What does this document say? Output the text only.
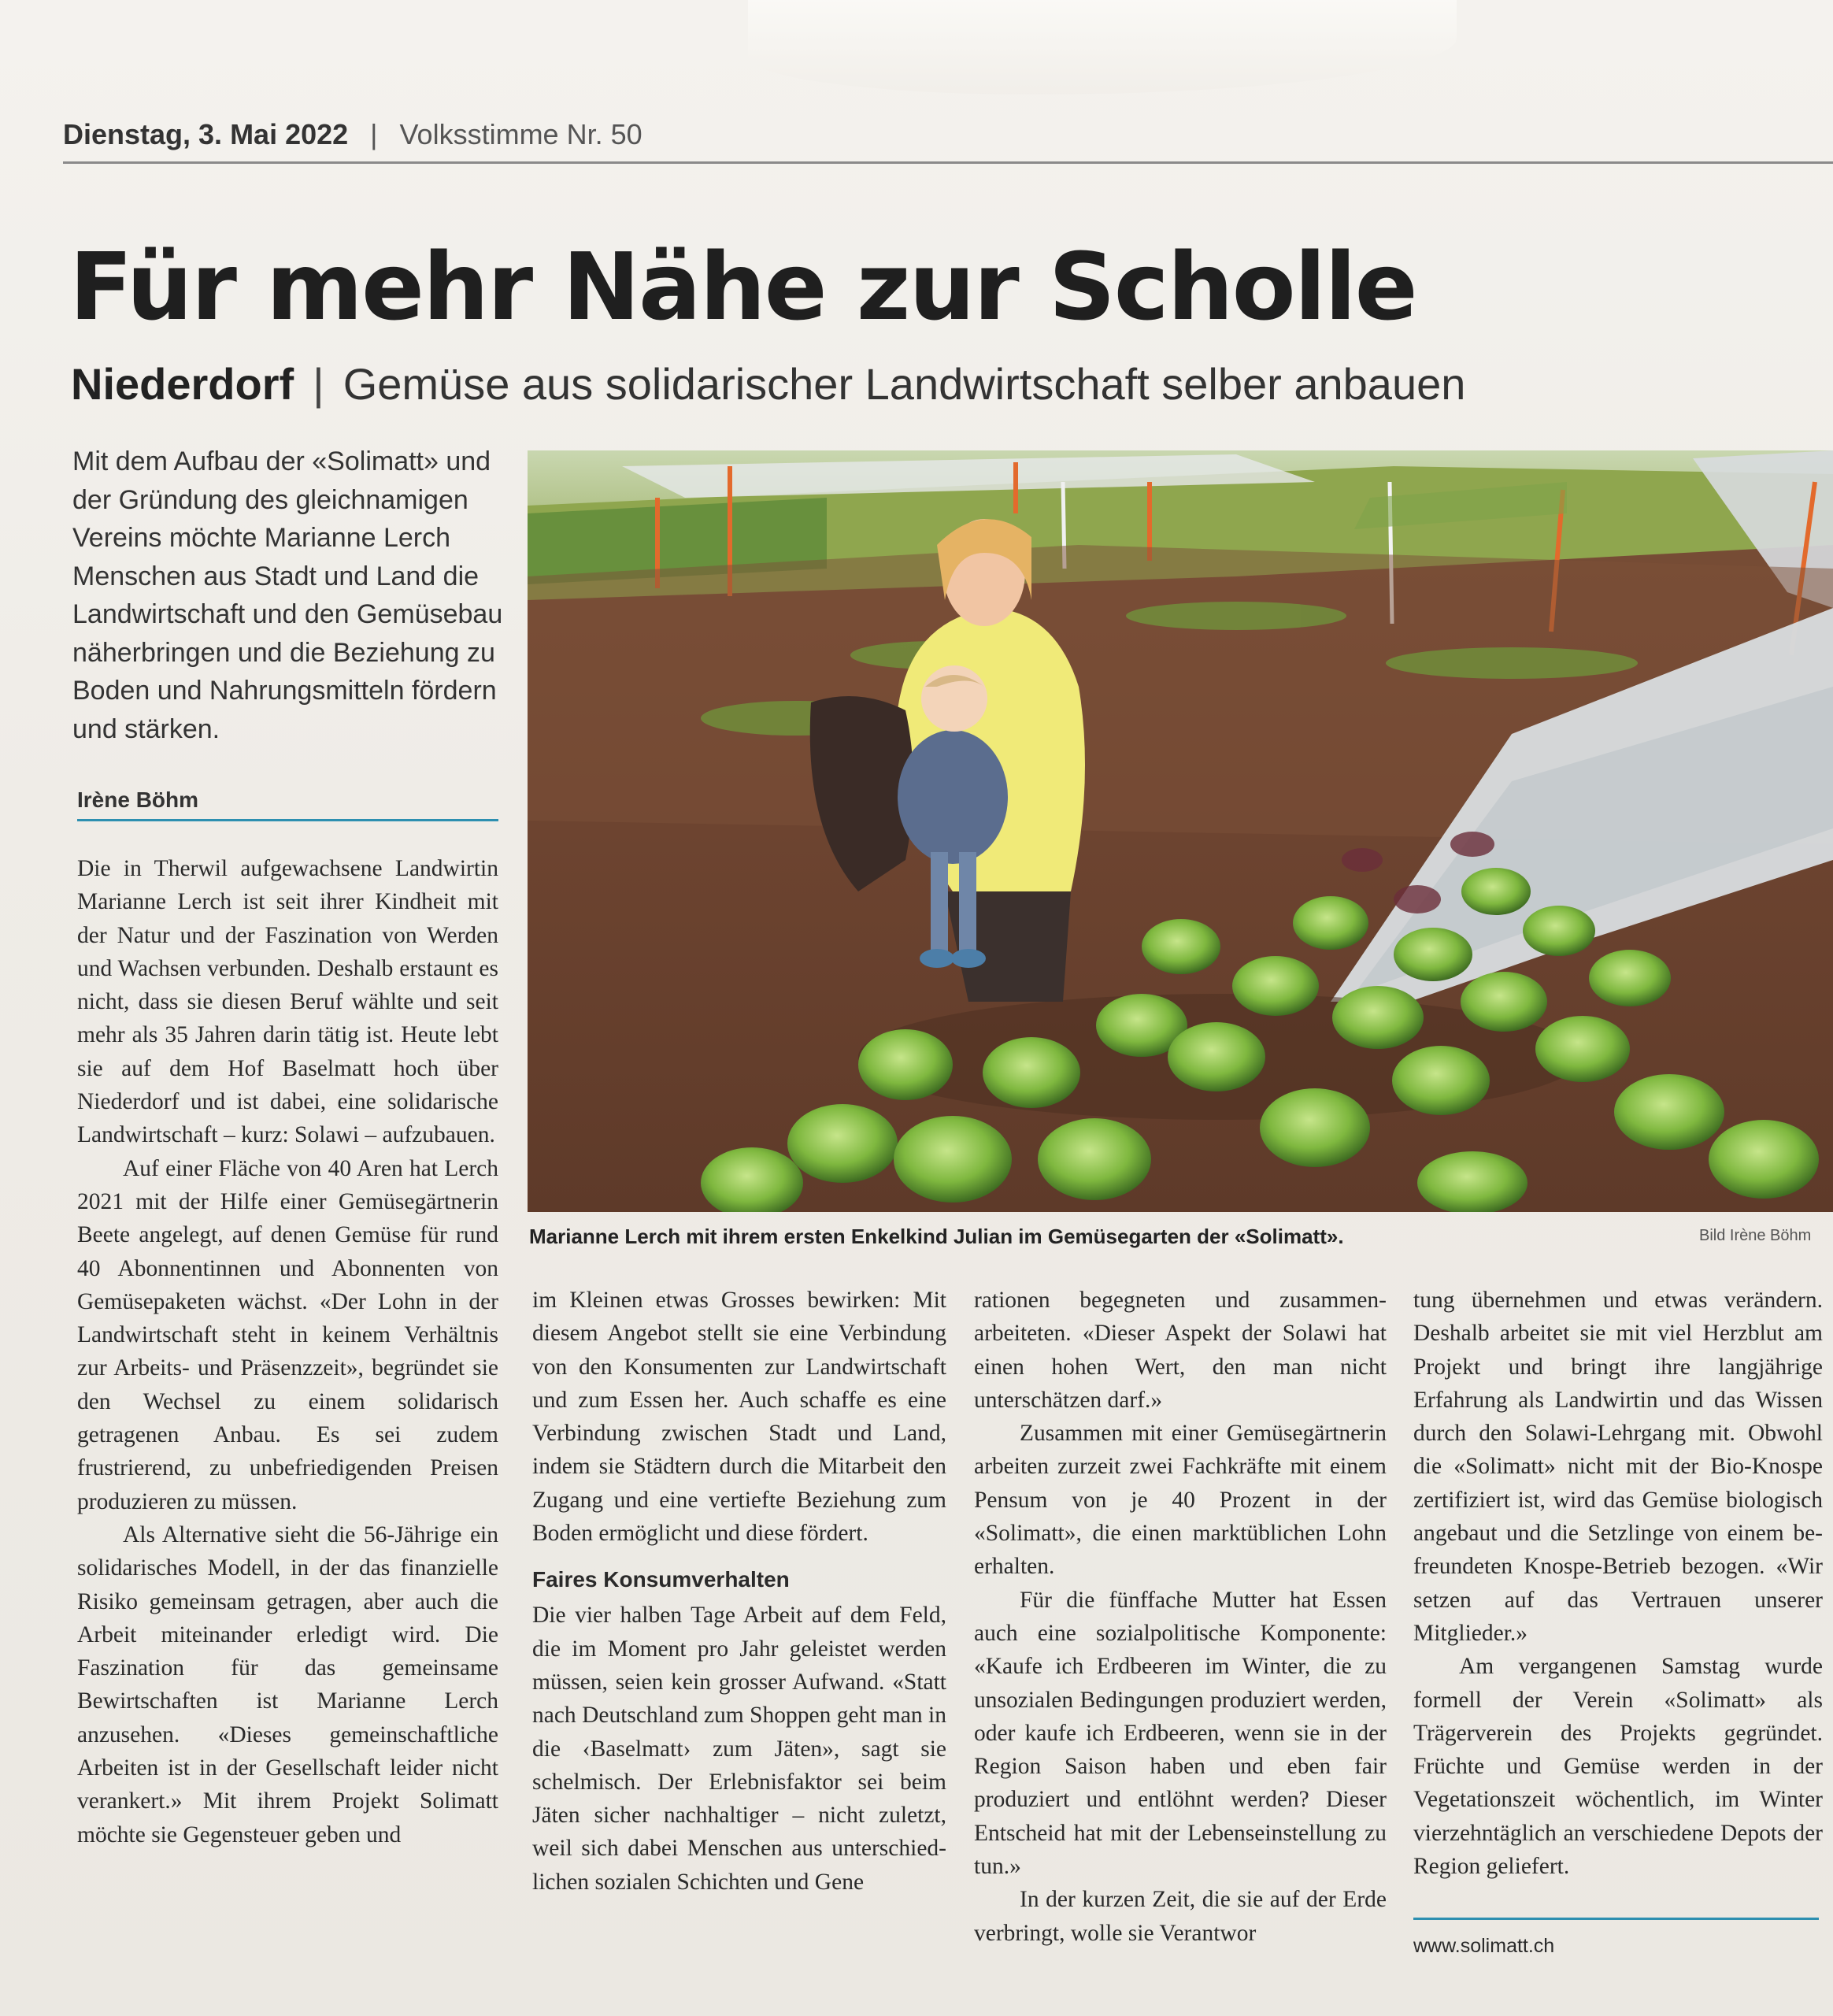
Dienstag, 3. Mai 2022 | Volksstimme Nr. 50
Für mehr Nähe zur Scholle
Niederdorf | Gemüse aus solidarischer Landwirtschaft selber anbauen
Mit dem Aufbau der «Solimatt» und der Gründung des gleichnamigen Vereins möchte Marianne Lerch Menschen aus Stadt und Land die Landwirtschaft und den Gemüsebau näherbringen und die Beziehung zu Boden und Nahrungsmitteln fördern und stärken.
Irène Böhm
Marianne Lerch mit ihrem ersten Enkelkind Julian im Gemüsegarten der «Solimatt».	Bild Irène Böhm

Die in Therwil aufgewachsene Landwirtin Marianne Lerch ist seit ihrer Kindheit mit der Natur und der Faszination von Werden und Wachsen verbunden. Deshalb erstaunt es nicht, dass sie diesen Beruf wählte und seit mehr als 35 Jahren darin tätig ist. Heute lebt sie auf dem Hof Baselmatt hoch über Niederdorf und ist dabei, eine solidarische Landwirtschaft – kurz: Solawi – aufzubauen.

Auf einer Fläche von 40 Aren hat Lerch 2021 mit der Hilfe einer Gemüsegärtnerin Beete angelegt, auf denen Gemüse für rund 40 Abonnentinnen und Abonnenten von Gemüsepaketen wächst. «Der Lohn in der Landwirtschaft steht in keinem Verhältnis zur Arbeits- und Präsenzzeit», begründet sie den Wechsel zu einem solidarisch getragenen Anbau. Es sei zudem frustrierend, zu unbefriedigenden Preisen produzieren zu müssen.

Als Alternative sieht die 56-Jährige ein solidarisches Modell, in der das finanzielle Risiko gemeinsam getragen, aber auch die Arbeit miteinander erledigt wird. Die Faszination für das gemeinsame Bewirtschaften ist Marianne Lerch anzusehen. «Dieses gemeinschaftliche Arbeiten ist in der Gesellschaft leider nicht verankert.» Mit ihrem Projekt Solimatt möchte sie Gegensteuer geben und

im Kleinen etwas Grosses bewirken: Mit diesem Angebot stellt sie eine Verbindung von den Konsumenten zur Landwirtschaft und zum Essen her. Auch schaffe es eine Verbindung zwischen Stadt und Land, indem sie Städtern durch die Mitarbeit den Zugang und eine vertiefte Beziehung zum Boden ermöglicht und diese fördert.

Faires Konsumverhalten

Die vier halben Tage Arbeit auf dem Feld, die im Moment pro Jahr geleistet werden müssen, seien kein grosser Aufwand. «Statt nach Deutschland zum Shoppen geht man in die ‹Baselmatt› zum Jäten», sagt sie schelmisch. Der Erlebnisfaktor sei beim Jäten sicher nachhaltiger – nicht zuletzt, weil sich dabei Menschen aus unterschiedlichen sozialen Schichten und Gene

rationen begegneten und zusammenarbeiteten. «Dieser Aspekt der Solawi hat einen hohen Wert, den man nicht unterschätzen darf.»

Zusammen mit einer Gemüsegärtnerin arbeiten zurzeit zwei Fachkräfte mit einem Pensum von je 40 Prozent in der «Solimatt», die einen marktüblichen Lohn erhalten.

Für die fünffache Mutter hat Essen auch eine sozialpolitische Komponente: «Kaufe ich Erdbeeren im Winter, die zu unsozialen Bedingungen produziert werden, oder kaufe ich Erdbeeren, wenn sie in der Region Saison haben und eben fair produziert und entlöhnt werden? Dieser Entscheid hat mit der Lebenseinstellung zu tun.»

In der kurzen Zeit, die sie auf der Erde verbringt, wolle sie Verantwor

tung übernehmen und etwas verändern. Deshalb arbeitet sie mit viel Herzblut am Projekt und bringt ihre langjährige Erfahrung als Landwirtin und das Wissen durch den Solawi-Lehrgang mit. Obwohl die «Solimatt» nicht mit der Bio-Knospe zertifiziert ist, wird das Gemüse biologisch angebaut und die Setzlinge von einem befreundeten Knospe-Betrieb bezogen. «Wir setzen auf das Vertrauen unserer Mitglieder.»

Am vergangenen Samstag wurde formell der Verein «Solimatt» als Trägerverein des Projekts gegründet. Früchte und Gemüse werden in der Vegetationszeit wöchentlich, im Winter vierzehntäglich an verschiedene Depots der Region geliefert.

www.solimatt.ch
